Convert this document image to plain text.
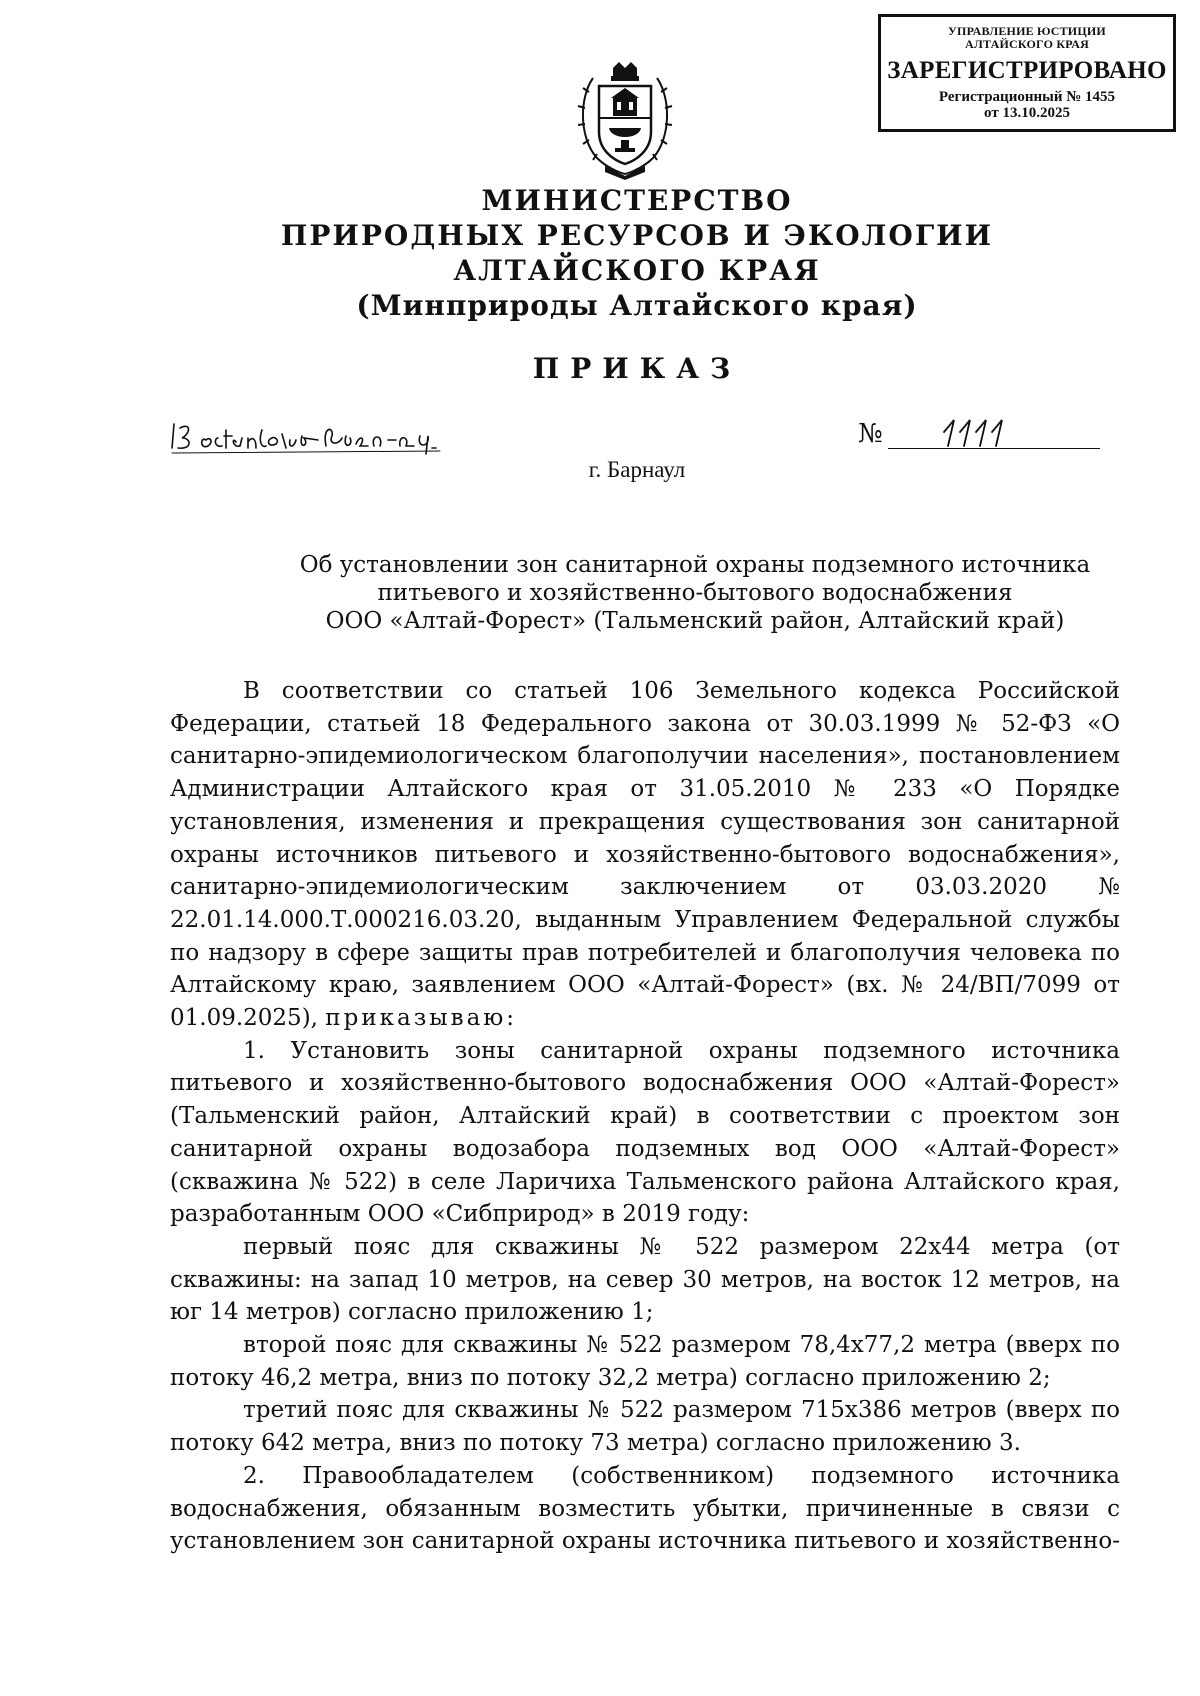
УПРАВЛЕНИЕ ЮСТИЦИИ
АЛТАЙСКОГО КРАЯ
ЗАРЕГИСТРИРОВАНО
Регистрационный № 1455
от 13.10.2025
МИНИСТЕРСТВО
ПРИРОДНЫХ РЕСУРСОВ И ЭКОЛОГИИ
АЛТАЙСКОГО КРАЯ
(Минприроды Алтайского края)
ПРИКАЗ
№
г. Барнаул
Об установлении зон санитарной охраны подземного источника
питьевого и хозяйственно-бытового водоснабжения
ООО «Алтай-Форест» (Тальменский район, Алтайский край)

В соответствии со статьей 106 Земельного кодекса Российской Федерации, статьей 18 Федерального закона от 30.03.1999 № 52-ФЗ «О санитарно-эпидемиологическом благополучии населения», постановлением Администрации Алтайского края от 31.05.2010 № 233 «О Порядке установления, изменения и прекращения существования зон санитарной охраны источников питьевого и хозяйственно-бытового водоснабжения», санитарно-эпидемиологическим заключением от 03.03.2020 № 22.01.14.000.Т.000216.03.20, выданным Управлением Федеральной службы по надзору в сфере защиты прав потребителей и благополучия человека по Алтайскому краю, заявлением ООО «Алтай-Форест» (вх. № 24/ВП/7099 от 01.09.2025), приказываю:

1. Установить зоны санитарной охраны подземного источника питьевого и хозяйственно-бытового водоснабжения ООО «Алтай-Форест» (Тальменский район, Алтайский край) в соответствии с проектом зон санитарной охраны водозабора подземных вод ООО «Алтай-Форест» (скважина № 522) в селе Ларичиха Тальменского района Алтайского края, разработанным ООО «Сибприрод» в 2019 году:

первый пояс для скважины № 522 размером 22x44 метра (от скважины: на запад 10 метров, на север 30 метров, на восток 12 метров, на юг 14 метров) согласно приложению 1;

второй пояс для скважины № 522 размером 78,4x77,2 метра (вверх по потоку 46,2 метра, вниз по потоку 32,2 метра) согласно приложению 2;

третий пояс для скважины № 522 размером 715x386 метров (вверх по потоку 642 метра, вниз по потоку 73 метра) согласно приложению 3.

2. Правообладателем (собственником) подземного источника водоснабжения, обязанным возместить убытки, причиненные в связи с установлением зон санитарной охраны источника питьевого и хозяйственно-
